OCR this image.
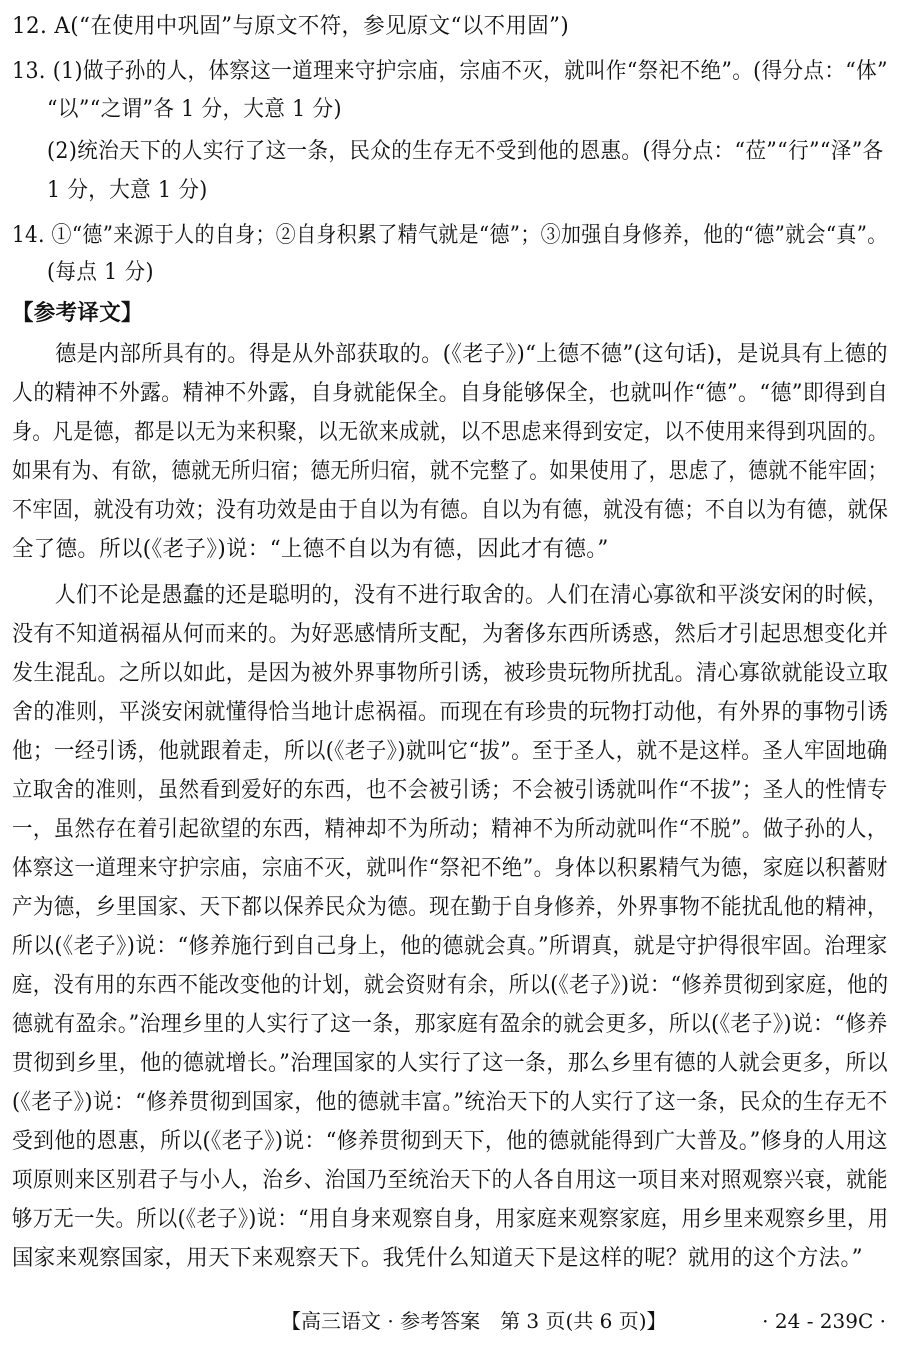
12. A(“在使用中巩固”与原文不符，参见原文“以不用固”)
13. (1)做子孙的人，体察这一道理来守护宗庙，宗庙不灭，就叫作“祭祀不绝”。(得分点：“体”
“以”“之谓”各 1 分，大意 1 分)
(2)统治天下的人实行了这一条，民众的生存无不受到他的恩惠。(得分点：“莅”“行”“泽”各
1 分，大意 1 分)
14. ①“德”来源于人的自身；②自身积累了精气就是“德”；③加强自身修养，他的“德”就会“真”。
(每点 1 分)
【参考译文】
　　德是内部所具有的。得是从外部获取的。(《老子》)“上德不德”(这句话)，是说具有上德的
人的精神不外露。精神不外露，自身就能保全。自身能够保全，也就叫作“德”。“德”即得到自
身。凡是德，都是以无为来积聚，以无欲来成就，以不思虑来得到安定，以不使用来得到巩固的。
如果有为、有欲，德就无所归宿；德无所归宿，就不完整了。如果使用了，思虑了，德就不能牢固；
不牢固，就没有功效；没有功效是由于自以为有德。自以为有德，就没有德；不自以为有德，就保
全了德。所以(《老子》)说：“上德不自以为有德，因此才有德。”
　　人们不论是愚蠢的还是聪明的，没有不进行取舍的。人们在清心寡欲和平淡安闲的时候，
没有不知道祸福从何而来的。为好恶感情所支配，为奢侈东西所诱惑，然后才引起思想变化并
发生混乱。之所以如此，是因为被外界事物所引诱，被珍贵玩物所扰乱。清心寡欲就能设立取
舍的准则，平淡安闲就懂得恰当地计虑祸福。而现在有珍贵的玩物打动他，有外界的事物引诱
他；一经引诱，他就跟着走，所以(《老子》)就叫它“拔”。至于圣人，就不是这样。圣人牢固地确
立取舍的准则，虽然看到爱好的东西，也不会被引诱；不会被引诱就叫作“不拔”；圣人的性情专
一，虽然存在着引起欲望的东西，精神却不为所动；精神不为所动就叫作“不脱”。做子孙的人，
体察这一道理来守护宗庙，宗庙不灭，就叫作“祭祀不绝”。身体以积累精气为德，家庭以积蓄财
产为德，乡里国家、天下都以保养民众为德。现在勤于自身修养，外界事物不能扰乱他的精神，
所以(《老子》)说：“修养施行到自己身上，他的德就会真。”所谓真，就是守护得很牢固。治理家
庭，没有用的东西不能改变他的计划，就会资财有余，所以(《老子》)说：“修养贯彻到家庭，他的
德就有盈余。”治理乡里的人实行了这一条，那家庭有盈余的就会更多，所以(《老子》)说：“修养
贯彻到乡里，他的德就增长。”治理国家的人实行了这一条，那么乡里有德的人就会更多，所以
(《老子》)说：“修养贯彻到国家，他的德就丰富。”统治天下的人实行了这一条，民众的生存无不
受到他的恩惠，所以(《老子》)说：“修养贯彻到天下，他的德就能得到广大普及。”修身的人用这
项原则来区别君子与小人，治乡、治国乃至统治天下的人各自用这一项目来对照观察兴衰，就能
够万无一失。所以(《老子》)说：“用自身来观察自身，用家庭来观察家庭，用乡里来观察乡里，用
国家来观察国家，用天下来观察天下。我凭什么知道天下是这样的呢？就用的这个方法。”
【高三语文 · 参考答案　第 3 页(共 6 页)】	· 24 - 239C ·
